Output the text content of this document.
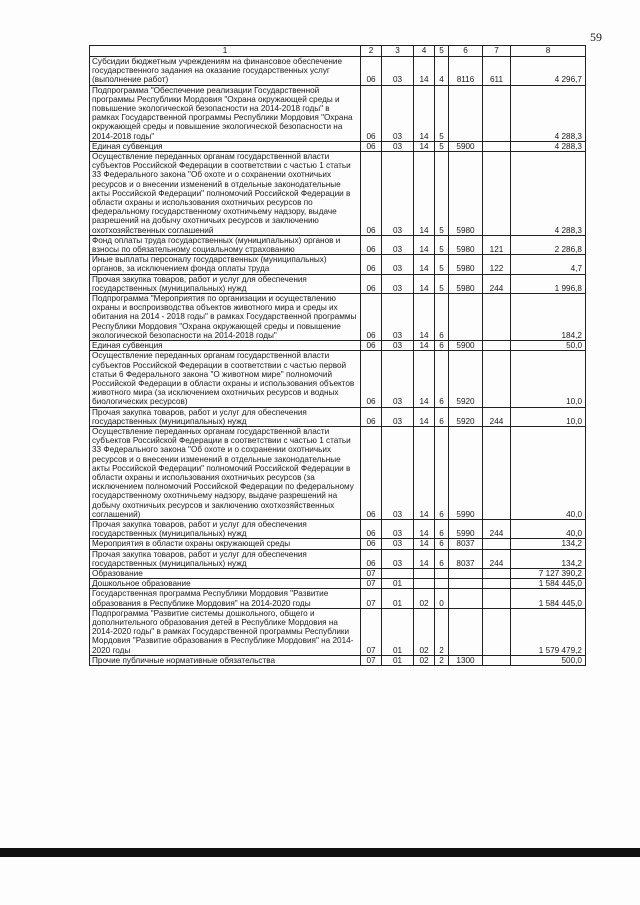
59
1	2	3	4	5	6	7	8

Субсидии бюджетным учреждениям на финансовое обеспечение государственного задания на оказание государственных услуг (выполнение работ)	06	03	14	4	8116	611	4 296,7

Подпрограмма "Обеспечение реализации Государственной программы Республики Мордовия "Охрана окружающей среды и повышение экологической безопасности на 2014-2018 годы" в рамках Государственной программы Республики Мордовия "Охрана окружающей среды и повышение экологической безопасности на 2014-2018 годы"	06	03	14	5			4 288,3

Единая субвенция	06	03	14	5	5900		4 288,3

Осуществление переданных органам государственной власти субъектов Российской Федерации в соответствии с частью 1 статьи 33 Федерального закона "Об охоте и о сохранении охотничьих ресурсов и о внесении изменений в отдельные законодательные акты Российской Федерации" полномочий Российской Федерации в области охраны и использования охотничьих ресурсов по федеральному государственному охотничьему надзору, выдаче разрешений на добычу охотничьих ресурсов и заключению охотхозяйственных соглашений	06	03	14	5	5980		4 288,3

Фонд оплаты труда государственных (муниципальных) органов и взносы по обязательному социальному страхованию	06	03	14	5	5980	121	2 286,8

Иные выплаты персоналу государственных (муниципальных) органов, за исключением фонда оплаты труда	06	03	14	5	5980	122	4,7

Прочая закупка товаров, работ и услуг для обеспечения государственных (муниципальных) нужд	06	03	14	5	5980	244	1 996,8

Подпрограмма "Мероприятия по организации и осуществлению охраны и воспроизводства объектов животного мира и среды их обитания на 2014 - 2018 годы" в рамках Государственной программы Республики Мордовия "Охрана окружающей среды и повышение экологической безопасности на 2014-2018 годы"	06	03	14	6			184,2

Единая субвенция	06	03	14	6	5900		50,0

Осуществление переданных органам государственной власти субъектов Российской Федерации в соответствии с частью первой статьи 6 Федерального закона "О животном мире" полномочий Российской Федерации в области охраны и использования объектов животного мира (за исключением охотничьих ресурсов и водных биологических ресурсов)	06	03	14	6	5920		10,0

Прочая закупка товаров, работ и услуг для обеспечения государственных (муниципальных) нужд	06	03	14	6	5920	244	10,0

Осуществление переданных органам государственной власти субъектов Российской Федерации в соответствии с частью 1 статьи 33 Федерального закона "Об охоте и о сохранении охотничьих ресурсов и о внесении изменений в отдельные законодательные акты Российской Федерации" полномочий Российской Федерации в области охраны и использования охотничьих ресурсов (за исключением полномочий Российской Федерации по федеральному государственному охотничьему надзору, выдаче разрешений на добычу охотничьих ресурсов и заключению охотхозяйственных соглашений)	06	03	14	6	5990		40,0

Прочая закупка товаров, работ и услуг для обеспечения государственных (муниципальных) нужд	06	03	14	6	5990	244	40,0

Мероприятия в области охраны окружающей среды	06	03	14	6	8037		134,2

Прочая закупка товаров, работ и услуг для обеспечения государственных (муниципальных) нужд	06	03	14	6	8037	244	134,2

Образование	07						7 127 390,2

Дошкольное образование	07	01					1 584 445,0

Государственная программа Республики Мордовия "Развитие образования в Республике Мордовия" на 2014-2020 годы	07	01	02	0			1 584 445,0

Подпрограмма "Развитие системы дошкольного, общего и дополнительного образования детей в Республике Мордовия на 2014-2020 годы" в рамках Государственной программы Республики Мордовия "Развитие образования в Республике Мордовия" на 2014-2020 годы	07	01	02	2			1 579 479,2

Прочие публичные нормативные обязательства	07	01	02	2	1300		500,0
